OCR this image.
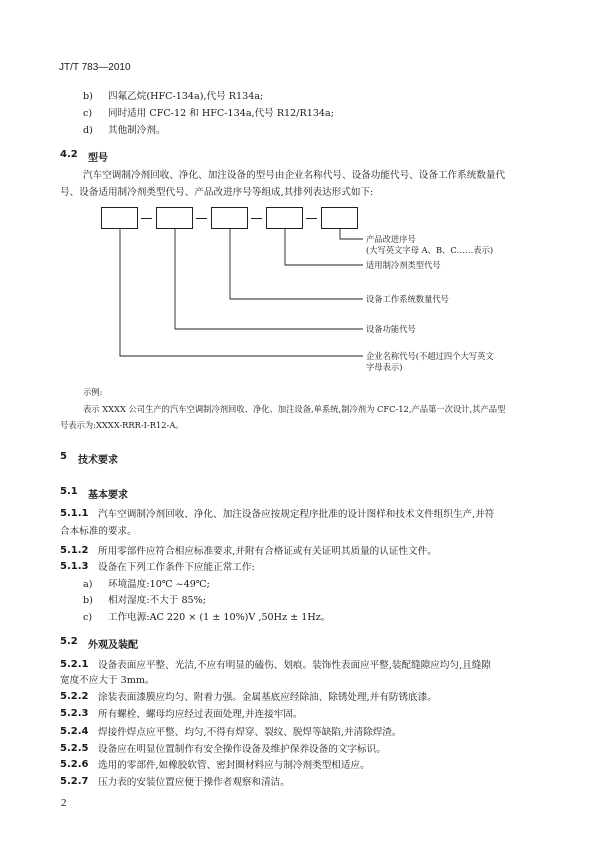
JT/T 783—2010
b) 四氟乙烷(HFC-134a),代号 R134a;
c) 同时适用 CFC-12 和 HFC-134a,代号 R12/R134a;
d) 其他制冷剂。
4.2 型号
汽车空调制冷剂回收、净化、加注设备的型号由企业名称代号、设备功能代号、设备工作系统数量代
号、设备适用制冷剂类型代号、产品改进序号等组成,其排列表达形式如下:
产品改进序号
(大写英文字母 A、B、C……表示)
适用制冷剂类型代号
设备工作系统数量代号
设备功能代号
企业名称代号(不超过四个大写英文
字母表示)
示例:
表示 XXXX 公司生产的汽车空调制冷剂回收、净化、加注设备,单系统,制冷剂为 CFC-12,产品第一次设计,其产品型
号表示为:XXXX-RRR-Ⅰ-R12-A。
5 技术要求
5.1 基本要求
5.1.1 汽车空调制冷剂回收、净化、加注设备应按规定程序批准的设计图样和技术文件组织生产,并符
合本标准的要求。
5.1.2 所用零部件应符合相应标准要求,并附有合格证或有关证明其质量的认证性文件。
5.1.3 设备在下列工作条件下应能正常工作:
a) 环境温度:10℃ ~49℃;
b) 相对湿度:不大于 85%;
c) 工作电源:AC 220 × (1 ± 10%)V ,50Hz ± 1Hz。
5.2 外观及装配
5.2.1 设备表面应平整、光洁,不应有明显的磕伤、划痕。装饰性表面应平整,装配缝隙应均匀,且缝隙
宽度不应大于 3mm。
5.2.2 涂装表面漆膜应均匀、附着力强。金属基底应经除油、除锈处理,并有防锈底漆。
5.2.3 所有螺栓、螺母均应经过表面处理,并连接牢固。
5.2.4 焊接件焊点应平整、均匀,不得有焊穿、裂纹、脱焊等缺陷,并清除焊渣。
5.2.5 设备应在明显位置制作有安全操作设备及维护保养设备的文字标识。
5.2.6 选用的零部件,如橡胶软管、密封圈材料应与制冷剂类型相适应。
5.2.7 压力表的安装位置应便于操作者观察和清洁。
2
